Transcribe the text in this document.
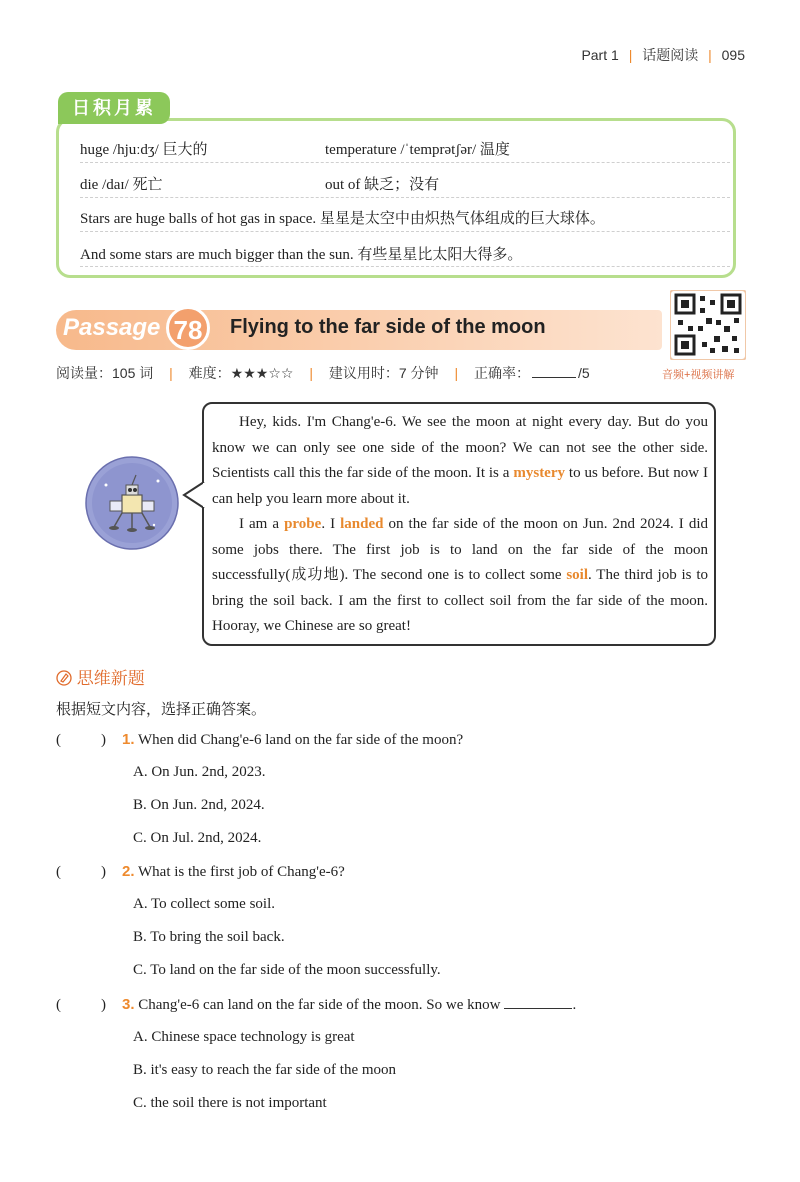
Part 1 | 话题阅读 | 095
日积月累
huge /hjuːdʒ/ 巨大的	temperature /ˈtemprətʃər/ 温度
die /daɪ/ 死亡	out of 缺乏；没有
Stars are huge balls of hot gas in space. 星星是太空中由炽热气体组成的巨大球体。
And some stars are much bigger than the sun. 有些星星比太阳大得多。
Passage 78	Flying to the far side of the moon
音频+视频讲解
阅读量：105 词 | 难度：★★★☆☆ | 建议用时：7 分钟 | 正确率：	/5

Hey, kids. I'm Chang'e-6. We see the moon at night every day. But do you know we can only see one side of the moon? We can not see the other side. Scientists call this the far side of the moon. It is a mystery to us before. But now I can help you learn more about it.

I am a probe. I landed on the far side of the moon on Jun. 2nd 2024. I did some jobs there. The first job is to land on the far side of the moon successfully(成功地). The second one is to collect some soil. The third job is to bring the soil back. I am the first to collect soil from the far side of the moon. Hooray, we Chinese are so great!

思维新题
根据短文内容，选择正确答案。
(	) 1. When did Chang'e-6 land on the far side of the moon?
A. On Jun. 2nd, 2023.
B. On Jun. 2nd, 2024.
C. On Jul. 2nd, 2024.
(	) 2. What is the first job of Chang'e-6?
A. To collect some soil.
B. To bring the soil back.
C. To land on the far side of the moon successfully.
(	) 3. Chang'e-6 can land on the far side of the moon. So we know	.
A. Chinese space technology is great
B. it's easy to reach the far side of the moon
C. the soil there is not important
